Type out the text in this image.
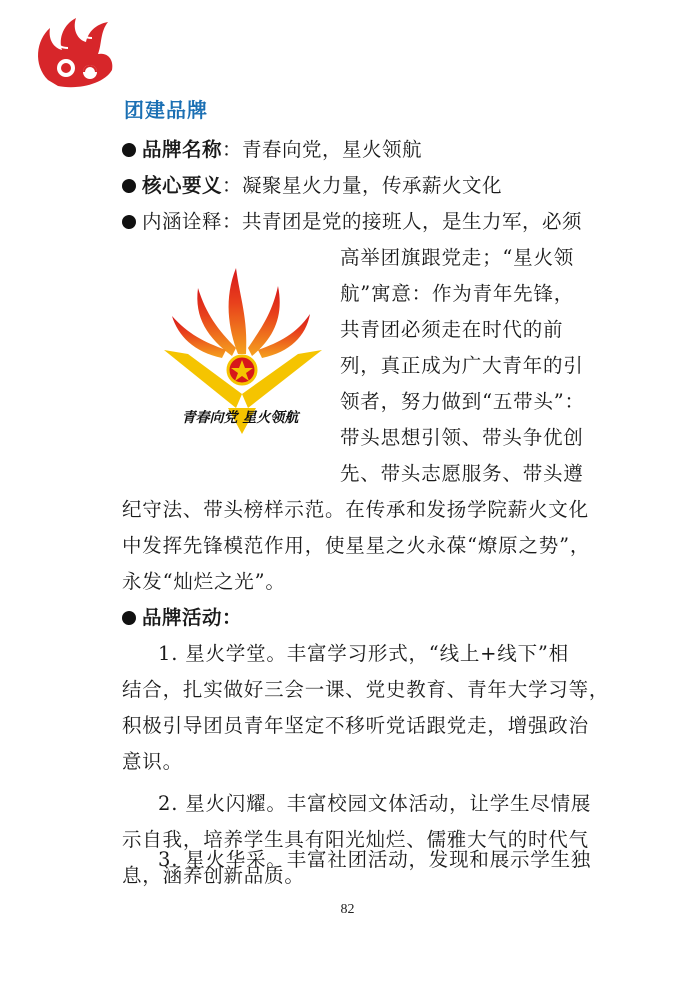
团建品牌
品牌名称：青春向党，星火领航
核心要义：凝聚星火力量，传承薪火文化
内涵诠释：共青团是党的接班人，是生力军，必须
高举团旗跟党走；“星火领
航”寓意：作为青年先锋，
共青团必须走在时代的前
列，真正成为广大青年的引
领者，努力做到“五带头”：
带头思想引领、带头争优创
先、带头志愿服务、带头遵
纪守法、带头榜样示范。在传承和发扬学院薪火文化
中发挥先锋模范作用，使星星之火永葆“燎原之势”，
永发“灿烂之光”。
青春向党 星火领航
品牌活动：
1. 星火学堂。丰富学习形式，“线上+线下”相
结合，扎实做好三会一课、党史教育、青年大学习等，
积极引导团员青年坚定不移听党话跟党走，增强政治
意识。
2. 星火闪耀。丰富校园文体活动，让学生尽情展
示自我，培养学生具有阳光灿烂、儒雅大气的时代气
息，涵养创新品质。
3. 星火华采。丰富社团活动，发现和展示学生独
82
